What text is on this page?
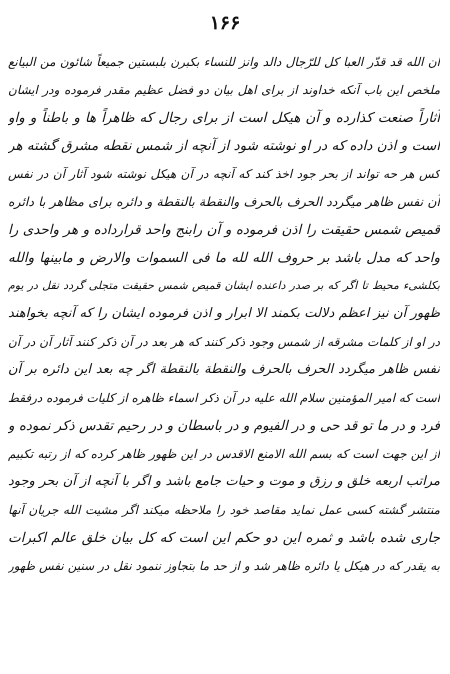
۱۶۶
ان الله قد قدّر العبا کل للرّجال دالد وانز للنساء بکبرن بلبستین جمیعاً شائون من البیانع
ملخص این باب آنکه خداوند از برای اهل بیان دو فضل عظیم مقدر فرموده ودر ایشان
آثاراً صنعت کذارده و آن هیکل است از برای رجال که ظاهراً ها و باطناً و واو
است و اذن داده که در او نوشته شود از آنچه از شمس نقطه مشرق گشته هر
کس هر حه تواند از بحر جود اخذ کند که آنچه در آن هیکل نوشته شود آثار آن در نفس
آن نفس ظاهر میگردد الحرف بالحرف والنقطة بالنقطة و دائره برای مظاهر با دائره
قمیص شمس حقیقت را اذن فرموده و آن رابنج واحد قرارداده و هر واحدی را
واحد که مدل باشد بر حروف الله لله ما فی السموات والارض و مابینها والله
بکلشیء محیط تا اگر که بر صدر داعنده ایشان قمیص شمس حقیقت متجلی گردد نقل در یوم
ظهور آن نیز اعظم دلالت بکمند الا ابرار و اذن فرموده ایشان را که آنچه بخواهند
در او از کلمات مشرقه از شمس وجود ذکر کنند که هر بعد در آن ذکر کنند آثار آن در آن
نفس ظاهر میگردد الحرف بالحرف والنقطة بالنقطة اگر چه بعد این دائره بر آن
است که امیر المؤمنین سلام الله علیه در آن ذکر اسماء ظاهره از کلیات فرموده درفقط
فرد و در ما تو قد حی و در الفیوم و در باسطان و در رحیم تقدس ذکر نموده و
از این جهت است که بسم الله الامنع الاقدس در این ظهور ظاهر کرده که از رتبه تکبیم
مراتب اربعه خلق و رزق و موت و حیات جامع باشد و اگر با آنچه از آن بحر وجود
منتشر گشته کسی عمل نماید مقاصد خود را ملاحظه میکند اگر مشیت الله جریان آنها
جاری شده باشد و ثمره این دو حکم این است که کل بیان خلق عالم اکبرات
به یقدر که در هیکل یا دائره ظاهر شد و از حد ما بتجاوز ننمود نقل در سنین نفس ظهور
